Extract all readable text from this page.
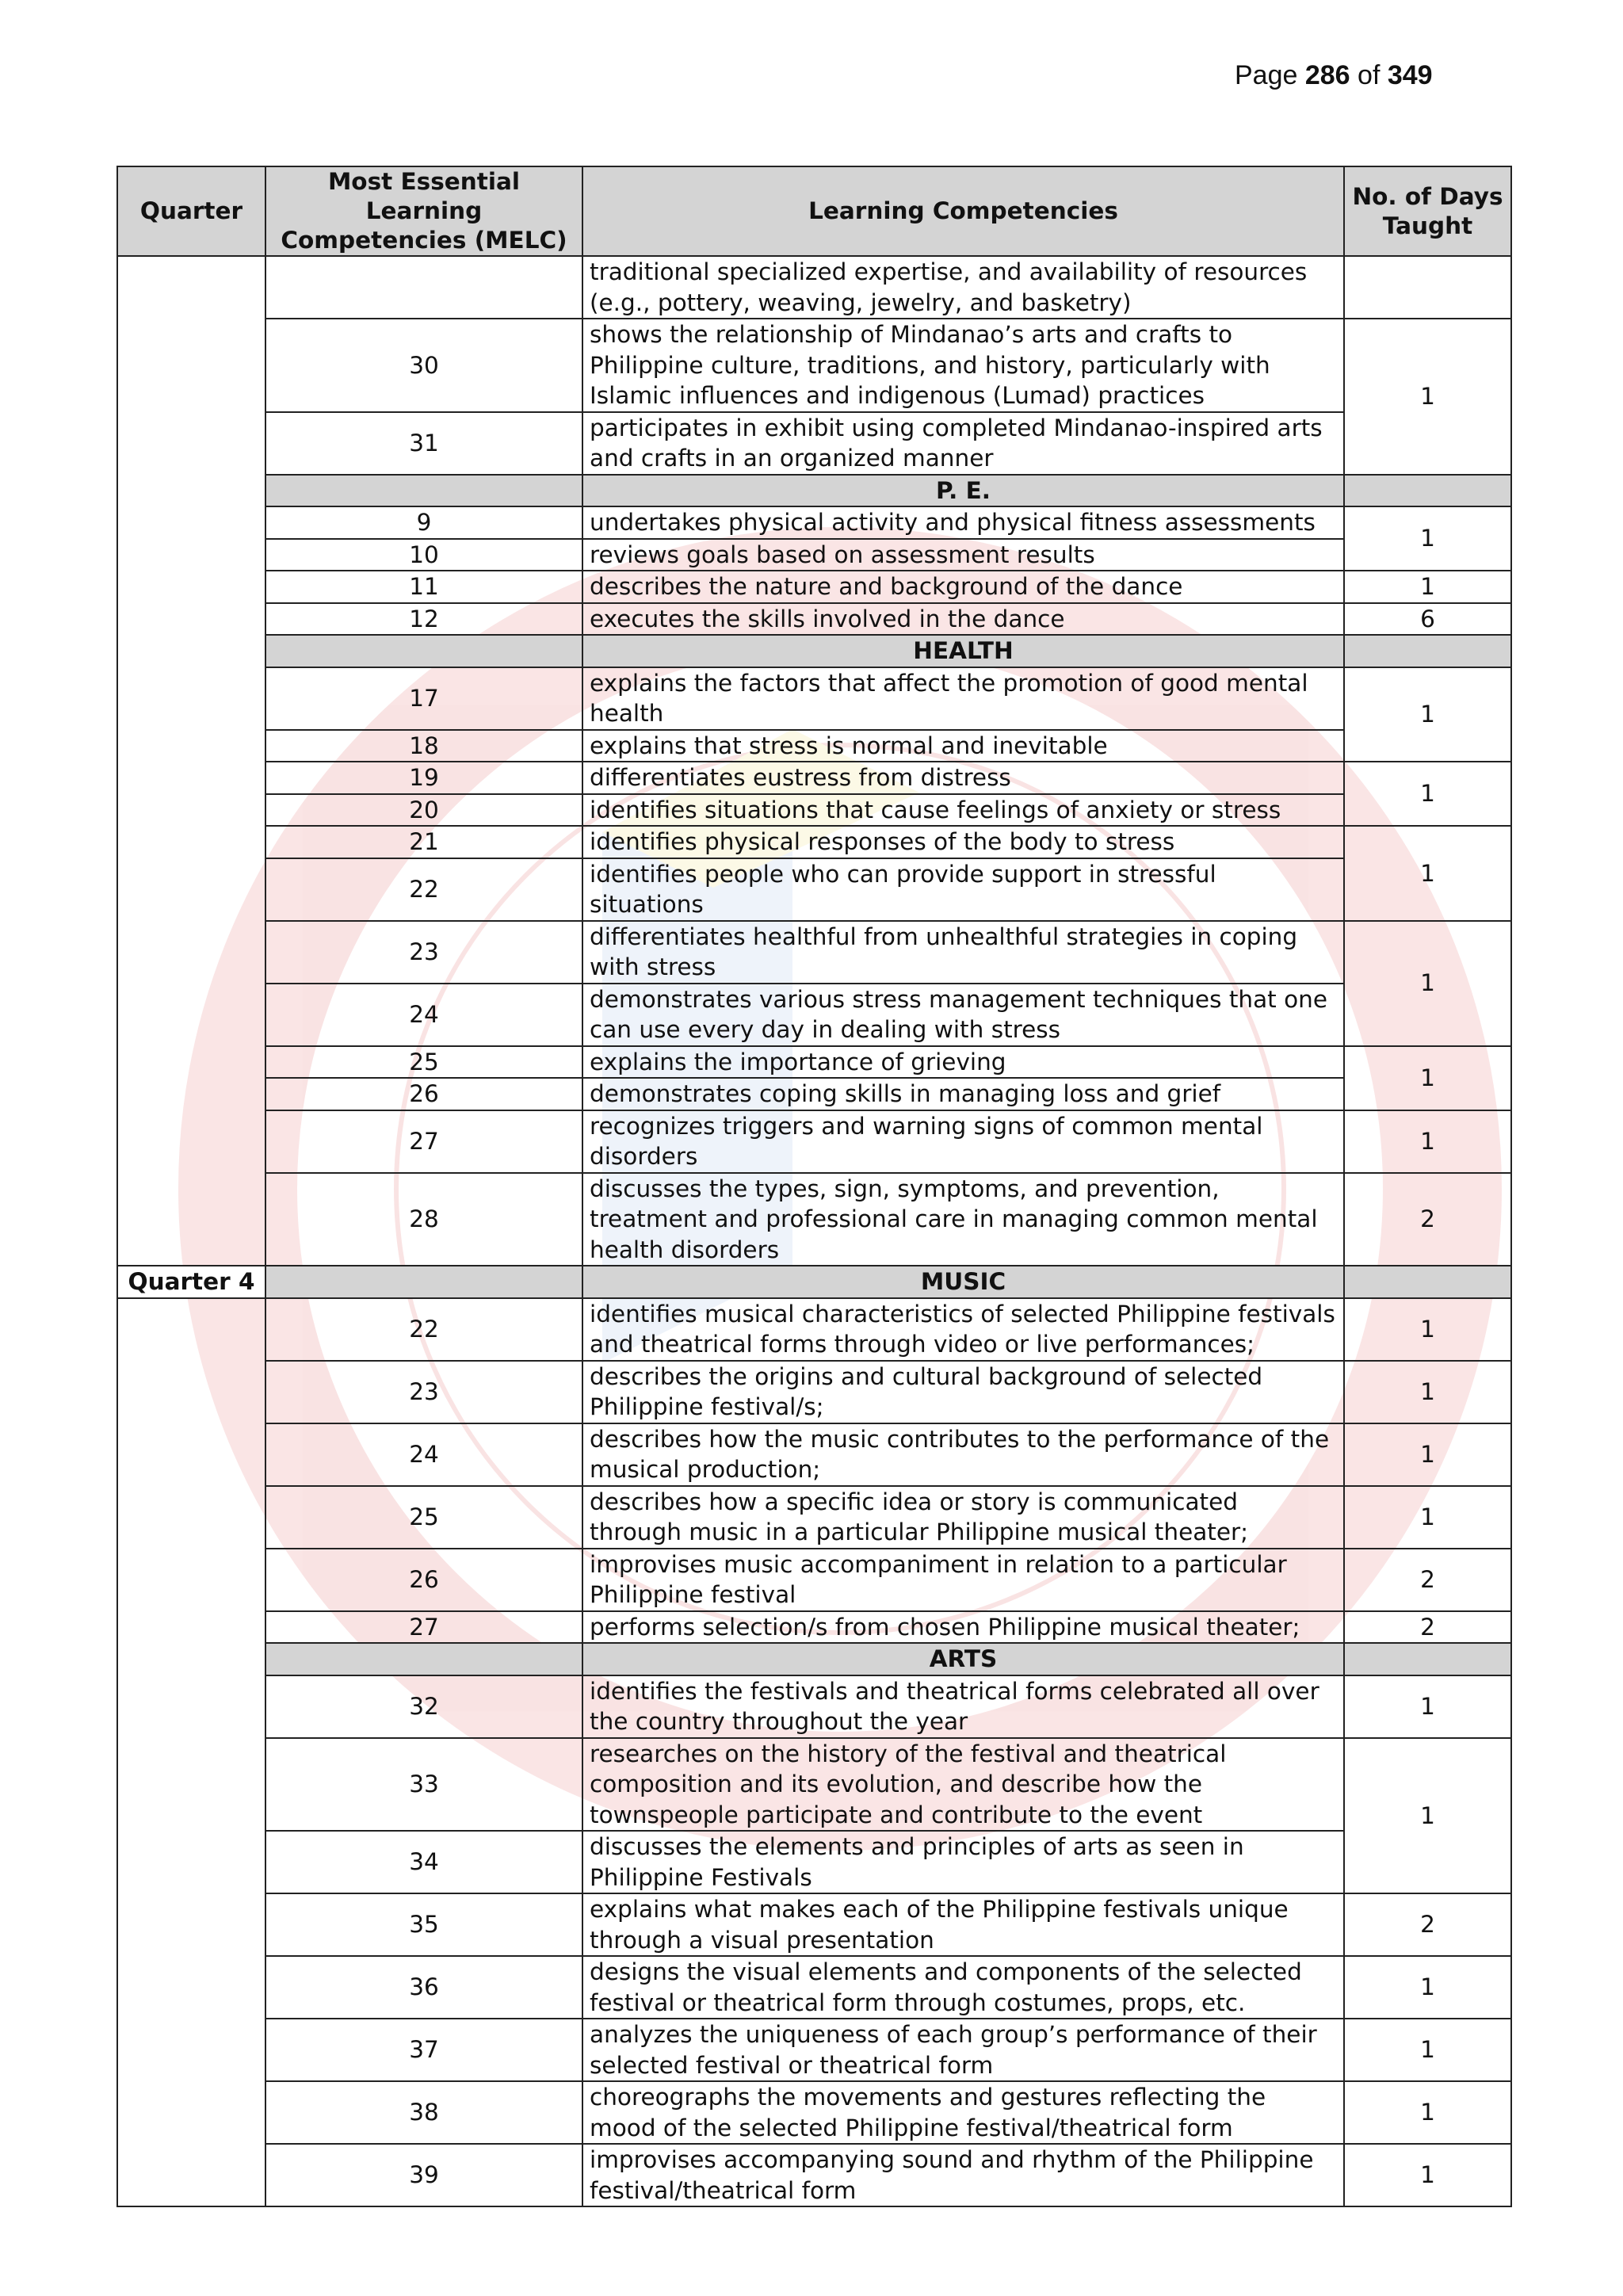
Page 286 of 349
Quarter	Most Essential Learning Competencies (MELC)	Learning Competencies	No. of Days Taught
		traditional specialized expertise, and availability of resources (e.g., pottery, weaving, jewelry, and basketry)	
	30	shows the relationship of Mindanao’s arts and crafts to Philippine culture, traditions, and history, particularly with Islamic influences and indigenous (Lumad) practices	1
	31	participates in exhibit using completed Mindanao-inspired arts and crafts in an organized manner	
		P. E.	
	9	undertakes physical activity and physical fitness assessments	1
	10	reviews goals based on assessment results	
	11	describes the nature and background of the dance	1
	12	executes the skills involved in the dance	6
		HEALTH	
	17	explains the factors that affect the promotion of good mental health	1
	18	explains that stress is normal and inevitable	
	19	differentiates eustress from distress	1
	20	identifies situations that cause feelings of anxiety or stress	
	21	identifies physical responses of the body to stress	1
	22	identifies people who can provide support in stressful situations	
	23	differentiates healthful from unhealthful strategies in coping with stress	1
	24	demonstrates various stress management techniques that one can use every day in dealing with stress	
	25	explains the importance of grieving	1
	26	demonstrates coping skills in managing loss and grief	
	27	recognizes triggers and warning signs of common mental disorders	1
	28	discusses the types, sign, symptoms, and prevention, treatment and professional care in managing common mental health disorders	2
Quarter 4		MUSIC	
	22	identifies musical characteristics of selected Philippine festivals and theatrical forms through video or live performances;	1
	23	describes the origins and cultural background of selected Philippine festival/s;	1
	24	describes how the music contributes to the performance of the musical production;	1
	25	describes how a specific idea or story is communicated through music in a particular Philippine musical theater;	1
	26	improvises music accompaniment in relation to a particular Philippine festival	2
	27	performs selection/s from chosen Philippine musical theater;	2
		ARTS	
	32	identifies the festivals and theatrical forms celebrated all over the country throughout the year	1
	33	researches on the history of the festival and theatrical composition and its evolution, and describe how the townspeople participate and contribute to the event	1
	34	discusses the elements and principles of arts as seen in Philippine Festivals	
	35	explains what makes each of the Philippine festivals unique through a visual presentation	2
	36	designs the visual elements and components of the selected festival or theatrical form through costumes, props, etc.	1
	37	analyzes the uniqueness of each group’s performance of their selected festival or theatrical form	1
	38	choreographs the movements and gestures reflecting the mood of the selected Philippine festival/theatrical form	1
	39	improvises accompanying sound and rhythm of the Philippine festival/theatrical form	1
